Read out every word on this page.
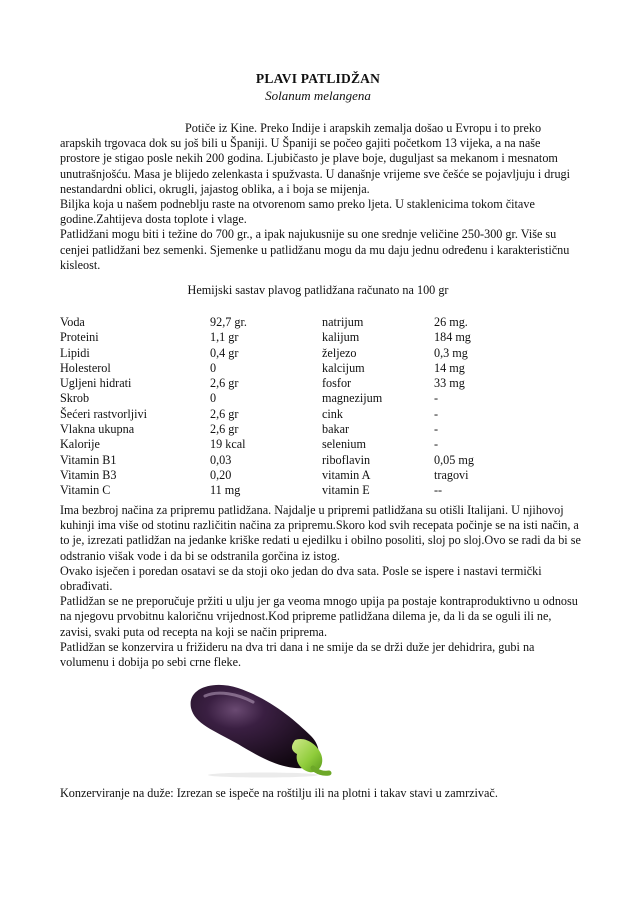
PLAVI PATLIDŽAN
Solanum melangena

Potiče iz Kine. Preko Indije i arapskih zemalja došao u Evropu i to preko arapskih trgovaca dok su još bili u Španiji. U Španiji se počeo gajiti početkom 13 vijeka, a na naše prostore je stigao posle nekih 200 godina. Ljubičasto je plave boje, duguljast sa mekanom i mesnatom unutrašnjošću. Masa je blijedo zelenkasta i spužvasta. U današnje vrijeme sve češće se pojavljuju i drugi nestandardni oblici, okrugli, jajastog oblika, a i boja se mijenja.

Biljka koja u našem podneblju raste na otvorenom samo preko ljeta. U staklenicima tokom čitave godine.Zahtijeva dosta toplote i vlage.

Patlidžani mogu biti i težine do 700 gr., a ipak najukusnije su one srednje veličine 250-300 gr. Više su cenjei patlidžani bez semenki. Sjemenke u patlidžanu mogu da mu daju jednu određenu i karakterističnu kisleost.

Hemijski sastav plavog patlidžana računato na 100 gr
Voda	92,7 gr.	natrijum	26 mg.
Proteini	1,1 gr	kalijum	184 mg
Lipidi	0,4 gr	željezo	0,3 mg
Holesterol	0	kalcijum	14 mg
Ugljeni hidrati	2,6 gr	fosfor	33 mg
Skrob	0	magnezijum	-
Šećeri rastvorljivi	2,6 gr	cink	-
Vlakna ukupna	2,6 gr	bakar	-
Kalorije	19 kcal	selenium	-
Vitamin B1	0,03	riboflavin	0,05 mg
Vitamin B3	0,20	vitamin A	tragovi
Vitamin C	11 mg	vitamin E	--

Ima bezbroj načina za pripremu patlidžana. Najdalje u pripremi patlidžana su otišli Italijani. U njihovoj kuhinji ima više od stotinu različitin načina za pripremu.Skoro kod svih recepata počinje se na isti način, a to je, izrezati patlidžan na jedanke kriške redati u ejedilku i obilno posoliti, sloj po sloj.Ovo se radi da bi se odstranio višak vode i da bi se odstranila gorčina iz istog.

Ovako isječen i poredan osatavi se da stoji oko jedan do dva sata. Posle se ispere i nastavi termički obrađivati.

Patlidžan se ne preporučuje pržiti u ulju jer ga veoma mnogo upija pa postaje kontraproduktivno u odnosu na njegovu prvobitnu kaloričnu vrijednost.Kod pripreme patlidžana dilema je, da li da se oguli ili ne, zavisi, svaki puta od recepta na koji se način priprema.

Patlidžan se konzervira u frižideru na dva tri dana i ne smije da se drži duže jer dehidrira, gubi na volumenu i dobija po sebi crne fleke.

Konzerviranje na duže: Izrezan se ispeče na roštilju ili na plotni i takav stavi u zamrzivač.
